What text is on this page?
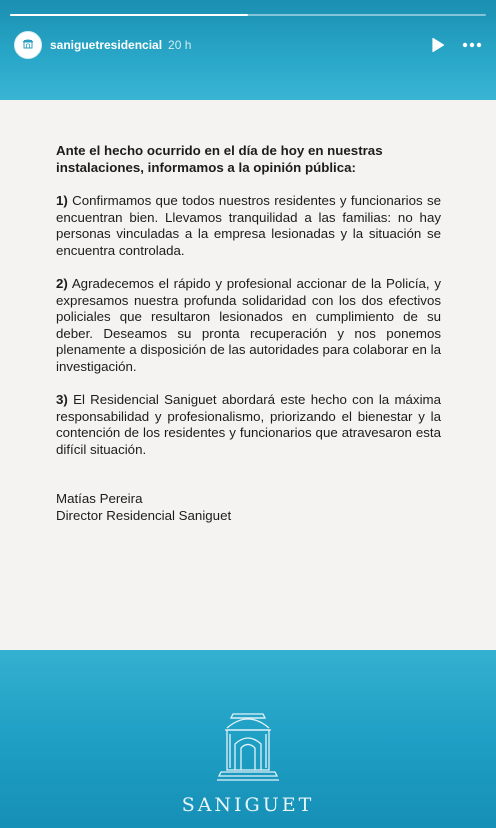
saniguetresidencial 20 h

Ante el hecho ocurrido en el día de hoy en nuestras instalaciones, informamos a la opinión pública:

1) Confirmamos que todos nuestros residentes y funcionarios se encuentran bien. Llevamos tranquilidad a las familias: no hay personas vinculadas a la empresa lesionadas y la situación se encuentra controlada.

2) Agradecemos el rápido y profesional accionar de la Policía, y expresamos nuestra profunda solidaridad con los dos efectivos policiales que resultaron lesionados en cumplimiento de su deber. Deseamos su pronta recuperación y nos ponemos plenamente a disposición de las autoridades para colaborar en la investigación.

3) El Residencial Saniguet abordará este hecho con la máxima responsabilidad y profesionalismo, priorizando el bienestar y la contención de los residentes y funcionarios que atravesaron esta difícil situación.

Matías Pereira
Director Residencial Saniguet
SANIGUET
